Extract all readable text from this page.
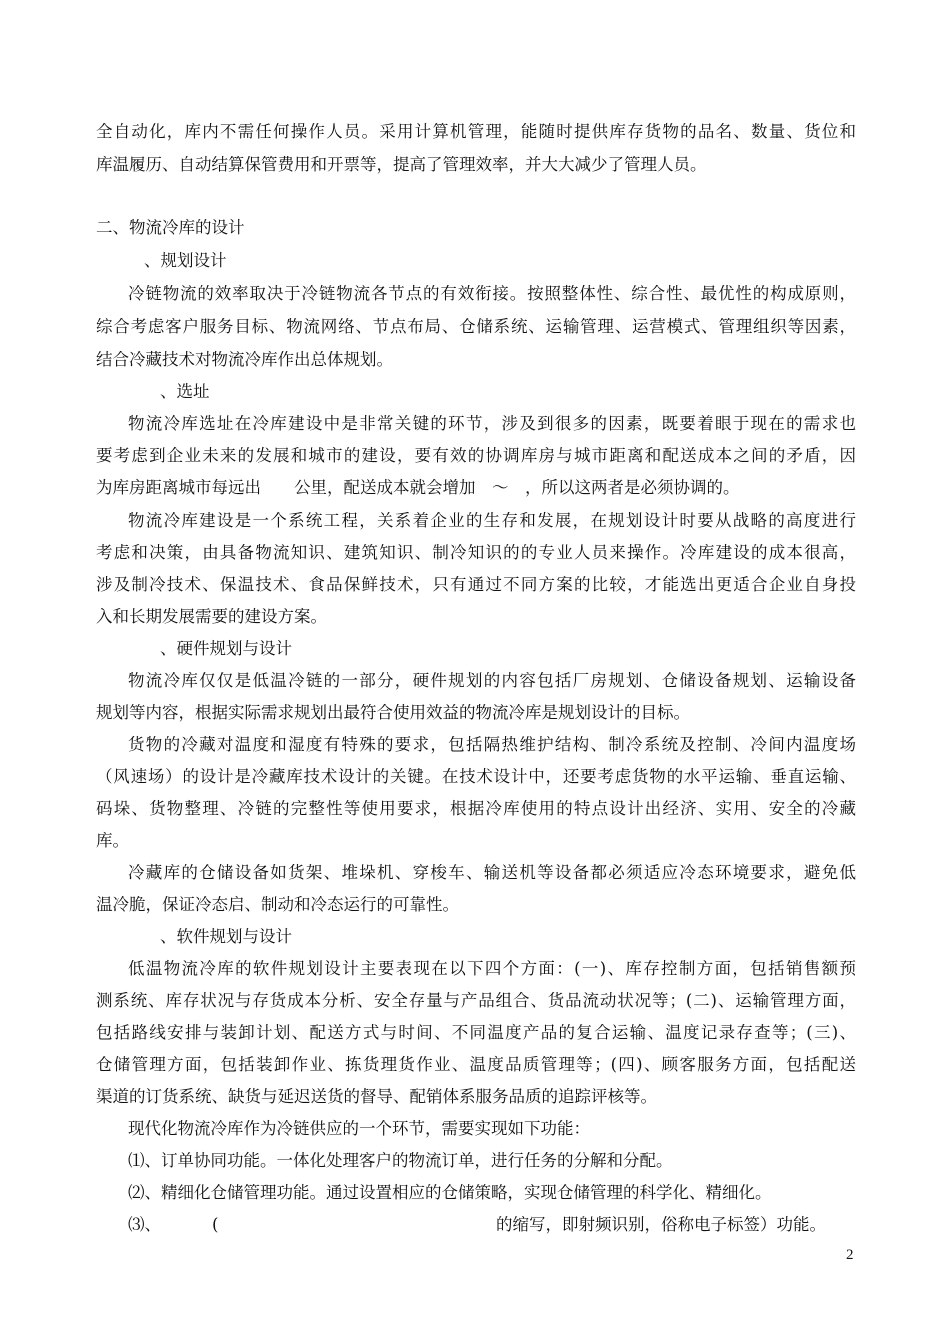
全自动化，库内不需任何操作人员。采用计算机管理，能随时提供库存货物的品名、数量、货位和
库温履历、自动结算保管费用和开票等，提高了管理效率，并大大减少了管理人员。
二、物流冷库的设计
、规划设计
冷链物流的效率取决于冷链物流各节点的有效衔接。按照整体性、综合性、最优性的构成原则，
综合考虑客户服务目标、物流网络、节点布局、仓储系统、运输管理、运营模式、管理组织等因素，
结合冷藏技术对物流冷库作出总体规划。
、选址
物流冷库选址在冷库建设中是非常关键的环节，涉及到很多的因素，既要着眼于现在的需求也
要考虑到企业未来的发展和城市的建设，要有效的协调库房与城市距离和配送成本之间的矛盾，因
为库房距离城市每远出　　公里，配送成本就会增加　～　，所以这两者是必须协调的。
物流冷库建设是一个系统工程，关系着企业的生存和发展，在规划设计时要从战略的高度进行
考虑和决策，由具备物流知识、建筑知识、制冷知识的的专业人员来操作。冷库建设的成本很高，
涉及制冷技术、保温技术、食品保鲜技术，只有通过不同方案的比较，才能选出更适合企业自身投
入和长期发展需要的建设方案。
、硬件规划与设计
物流冷库仅仅是低温冷链的一部分，硬件规划的内容包括厂房规划、仓储设备规划、运输设备
规划等内容，根据实际需求规划出最符合使用效益的物流冷库是规划设计的目标。
货物的冷藏对温度和湿度有特殊的要求，包括隔热维护结构、制冷系统及控制、冷间内温度场
（风速场）的设计是冷藏库技术设计的关键。在技术设计中，还要考虑货物的水平运输、垂直运输、
码垛、货物整理、冷链的完整性等使用要求，根据冷库使用的特点设计出经济、实用、安全的冷藏
库。
冷藏库的仓储设备如货架、堆垛机、穿梭车、输送机等设备都必须适应冷态环境要求，避免低
温冷脆，保证冷态启、制动和冷态运行的可靠性。
、软件规划与设计
低温物流冷库的软件规划设计主要表现在以下四个方面：(一)、库存控制方面，包括销售额预
测系统、库存状况与存货成本分析、安全存量与产品组合、货品流动状况等；(二)、运输管理方面，
包括路线安排与装卸计划、配送方式与时间、不同温度产品的复合运输、温度记录存查等；(三)、
仓储管理方面，包括装卸作业、拣货理货作业、温度品质管理等；(四)、顾客服务方面，包括配送
渠道的订货系统、缺货与延迟送货的督导、配销体系服务品质的追踪评核等。
现代化物流冷库作为冷链供应的一个环节，需要实现如下功能：
⑴、订单协同功能。一体化处理客户的物流订单，进行任务的分解和分配。
⑵、精细化仓储管理功能。通过设置相应的仓储策略，实现仓储管理的科学化、精细化。
⑶、	(	的缩写，即射频识别，俗称电子标签）功能。
2
